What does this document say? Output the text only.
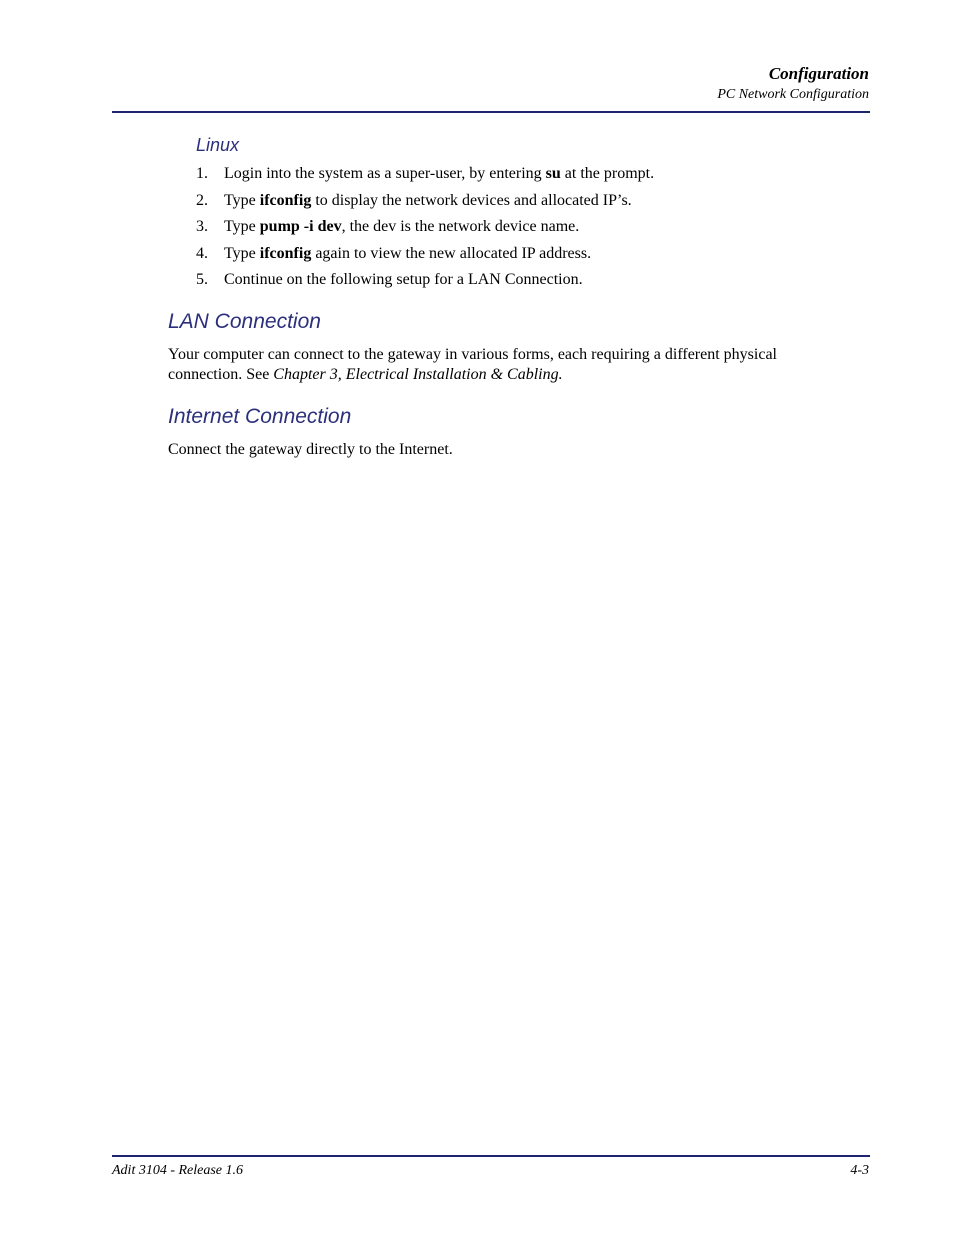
Configuration
PC Network Configuration
Linux
1. Login into the system as a super-user, by entering su at the prompt.
2. Type ifconfig to display the network devices and allocated IP’s.
3. Type pump -i dev, the dev is the network device name.
4. Type ifconfig again to view the new allocated IP address.
5. Continue on the following setup for a LAN Connection.
LAN Connection

Your computer can connect to the gateway in various forms, each requiring a different physical connection. See Chapter 3, Electrical Installation & Cabling.

Internet Connection

Connect the gateway directly to the Internet.

Adit 3104 - Release 1.6	4-3
